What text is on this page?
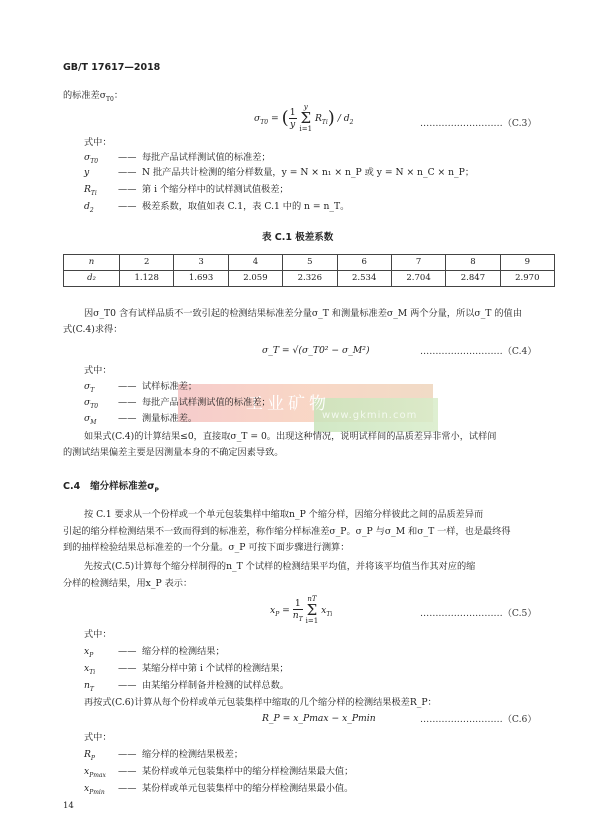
GB/T 17617—2018
的标准差$\sigma_{T0}$：
$\sigma_{T0}$ = ( $\frac{1}{y}$ y
Σ
i=1 $R_{Ti}) / d_2$	………………………（C.3）
式中：
$\sigma_{T0}$ —— 每批产品试样测试值的标准差；
y	—— N 批产品共计检测的缩分样数量，y = N × n₁ × n_P 或 y = N × n_C × n_P；
$R_{Ti}$ —— 第 i 个缩分样中的试样测试值极差；
$d_2$	—— 极差系数，取值如表 C.1，表 C.1 中的 n = n_T。
表 C.1 极差系数
n	2	3	4	5	6	7	8	9
d₂	1.128	1.693	2.059	2.326	2.534	2.704	2.847	2.970
因σ_T0 含有试样品质不一致引起的检测结果标准差分量σ_T 和测量标准差σ_M 两个分量，所以σ_T 的值由
式(C.4)求得：
σ_T = √(σ_T0² − σ_M²)	………………………（C.4）
工业矿物
www.gkmin.com
式中：
$\sigma_T$	—— 试样标准差；
$\sigma_{T0}$ —— 每批产品试样测试值的标准差；
$\sigma_M$ —— 测量标准差。
如果式(C.4)的计算结果≤0，直接取σ_T = 0。出现这种情况，说明试样间的品质差异非常小，试样间
的测试结果偏差主要是因测量本身的不确定因素导致。
C.4 缩分样标准差$\sigma_P$
按 C.1 要求从一个份样或一个单元包装集样中缩取n_P 个缩分样，因缩分样彼此之间的品质差异而
引起的缩分样检测结果不一致而得到的标准差，称作缩分样标准差σ_P。σ_P 与σ_M 和σ_T 一样，也是最终得
到的抽样检验结果总标准差的一个分量。σ_P 可按下面步骤进行测算：
先按式(C.5)计算每个缩分样制得的n_T 个试样的检测结果平均值，并将该平均值当作其对应的缩
分样的检测结果，用x_P 表示：
$x_P = \frac{1}{n_T}$ nT
Σ
i=1 $x_{Ti}$	………………………（C.5）
式中：
$x_P$	—— 缩分样的检测结果；
$x_{Ti}$ —— 某缩分样中第 i 个试样的检测结果；
$n_T$	—— 由某缩分样制备并检测的试样总数。
再按式(C.6)计算从每个份样或单元包装集样中缩取的几个缩分样的检测结果极差R_P：
R_P = x_Pmax − x_Pmin	………………………（C.6）
式中：
$R_P$	—— 缩分样的检测结果极差；
$x_{Pmax}$ —— 某份样或单元包装集样中的缩分样检测结果最大值；
$x_{Pmin}$ —— 某份样或单元包装集样中的缩分样检测结果最小值。
14
